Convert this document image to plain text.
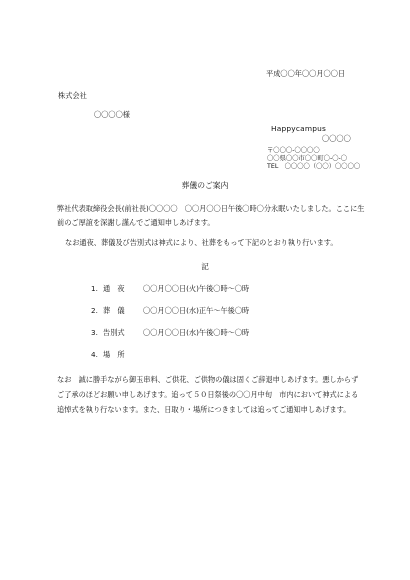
平成〇〇年〇〇月〇〇日
株式会社
〇〇〇〇様
Happycampus
〇〇〇〇
〒〇〇〇-〇〇〇〇
〇〇県〇〇市〇〇町〇-〇-〇
TEL　〇〇〇〇（〇〇）〇〇〇〇
葬儀のご案内
弊社代表取締役会長(前社長)〇〇〇〇　〇〇月〇〇日午後〇時〇分永眠いたしました。ここに生前のご厚誼を深謝し謹んでご通知申しあげます。
なお通夜、葬儀及び告別式は神式により、社葬をもって下記のとおり執り行います。
記
1. 通　夜	〇〇月〇〇日(火)午後〇時〜〇時
2. 葬　儀	〇〇月〇〇日(水)正午〜午後〇時
3. 告別式	〇〇月〇〇日(水)午後〇時〜〇時
4. 場　所
なお　誠に勝手ながら御玉串料、ご供花、ご供物の儀は固くご辞退申しあげます。悪しからずご了承のほどお願い申しあげます。追って５０日祭後の〇〇月中旬　市内において神式による追悼式を執り行ないます。また、日取り・場所につきましては追ってご通知申しあげます。
